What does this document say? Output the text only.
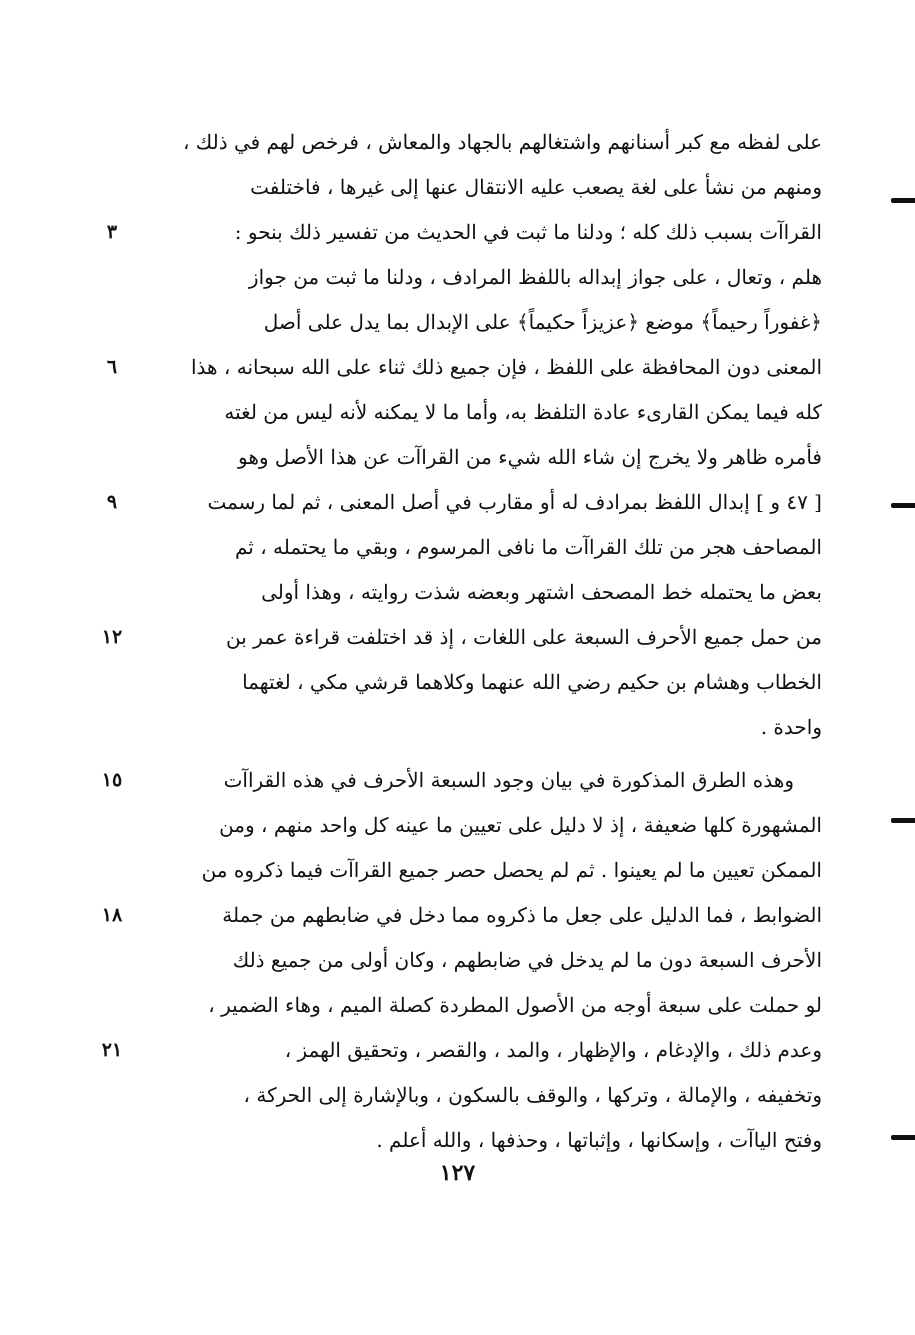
على لفظه مع كبر أسنانهم واشتغالهم بالجهاد والمعاش ، فرخص لهم في ذلك ،
ومنهم من نشأ على لغة يصعب عليه الانتقال عنها إلى غيرها ، فاختلفت
القراآت بسبب ذلك كله ؛ ودلنا ما ثبت في الحديث من تفسير ذلك بنحو :
هلم ، وتعال ، على جواز إبداله باللفظ المرادف ، ودلنا ما ثبت من جواز
﴿غفوراً رحيماً﴾ موضع ﴿عزيزاً حكيماً﴾ على الإبدال بما يدل على أصل
المعنى دون المحافظة على اللفظ ، فإن جميع ذلك ثناء على الله سبحانه ، هذا
كله فيما يمكن القارىء عادة التلفظ به، وأما ما لا يمكنه لأنه ليس من لغته
فأمره ظاهر ولا يخرج إن شاء الله شيء من القراآت عن هذا الأصل وهو
[ ٤٧ و ] إبدال اللفظ بمرادف له أو مقارب في أصل المعنى ، ثم لما رسمت
المصاحف هجر من تلك القراآت ما نافى المرسوم ، وبقي ما يحتمله ، ثم
بعض ما يحتمله خط المصحف اشتهر وبعضه شذت روايته ، وهذا أولى
من حمل جميع الأحرف السبعة على اللغات ، إذ قد اختلفت قراءة عمر بن
الخطاب وهشام بن حكيم رضي الله عنهما وكلاهما قرشي مكي ، لغتهما
واحدة .
وهذه الطرق المذكورة في بيان وجود السبعة الأحرف في هذه القراآت
المشهورة كلها ضعيفة ، إذ لا دليل على تعيين ما عينه كل واحد منهم ، ومن
الممكن تعيين ما لم يعينوا . ثم لم يحصل حصر جميع القراآت فيما ذكروه من
الضوابط ، فما الدليل على جعل ما ذكروه مما دخل في ضابطهم من جملة
الأحرف السبعة دون ما لم يدخل في ضابطهم ، وكان أولى من جميع ذلك
لو حملت على سبعة أوجه من الأصول المطردة كصلة الميم ، وهاء الضمير ،
وعدم ذلك ، والإدغام ، والإظهار ، والمد ، والقصر ، وتحقيق الهمز ،
وتخفيفه ، والإمالة ، وتركها ، والوقف بالسكون ، وبالإشارة إلى الحركة ،
وفتح الياآت ، وإسكانها ، وإثباتها ، وحذفها ، والله أعلم .
٣
٦
٩
١٢
١٥
١٨
٢١
١٢٧
